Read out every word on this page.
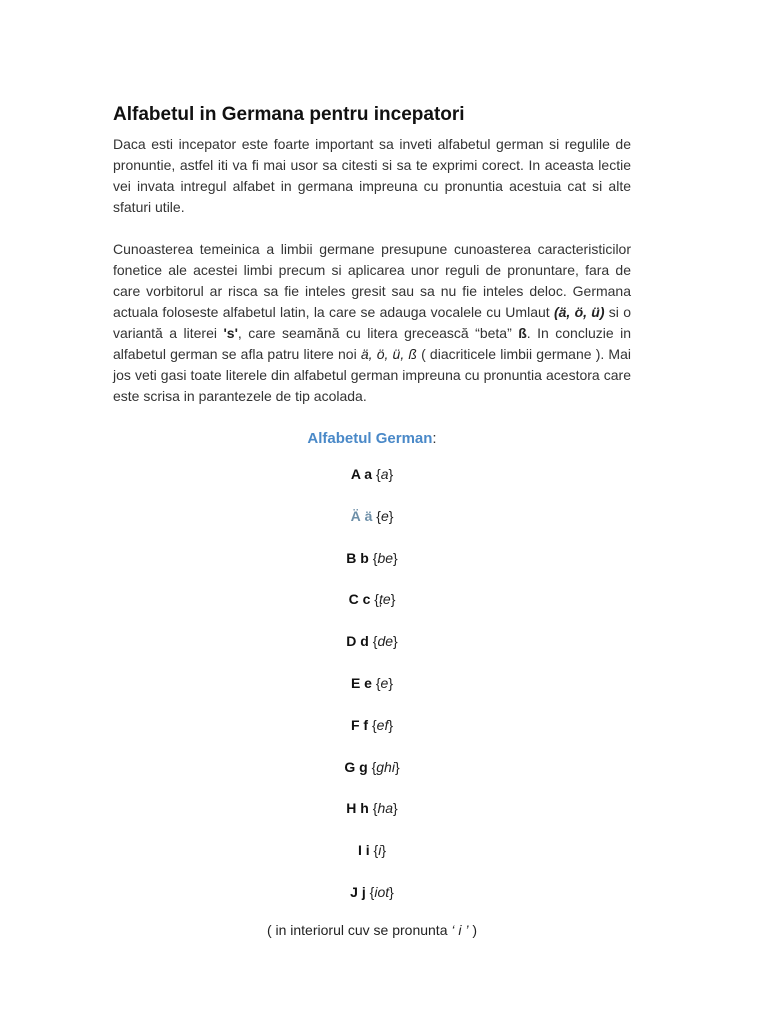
Alfabetul in Germana pentru incepatori

Daca esti incepator este foarte important sa inveti alfabetul german si regulile de pronuntie, astfel iti va fi mai usor sa citesti si sa te exprimi corect. In aceasta lectie vei invata intregul alfabet in germana impreuna cu pronuntia acestuia cat si alte sfaturi utile.

Cunoasterea temeinica a limbii germane presupune cunoasterea caracteristicilor fonetice ale acestei limbi precum si aplicarea unor reguli de pronuntare, fara de care vorbitorul ar risca sa fie inteles gresit sau sa nu fie inteles deloc. Germana actuala foloseste alfabetul latin, la care se adauga vocalele cu Umlaut (ä, ö, ü) si o variantă a literei 's', care seamănă cu litera grecească “beta” ß. In concluzie in alfabetul german se afla patru litere noi ä, ö, ü, ß ( diacriticele limbii germane ). Mai jos veti gasi toate literele din alfabetul german impreuna cu pronuntia acestora care este scrisa in parantezele de tip acolada.

Alfabetul German:
A a {a}
Ä ä {e}
B b {be}
C c {țe}
D d {de}
E e {e}
F f {ef}
G g {ghi}
H h {ha}
I i {i}
J j {iot}
( in interiorul cuv se pronunta ‘ i ’ )
